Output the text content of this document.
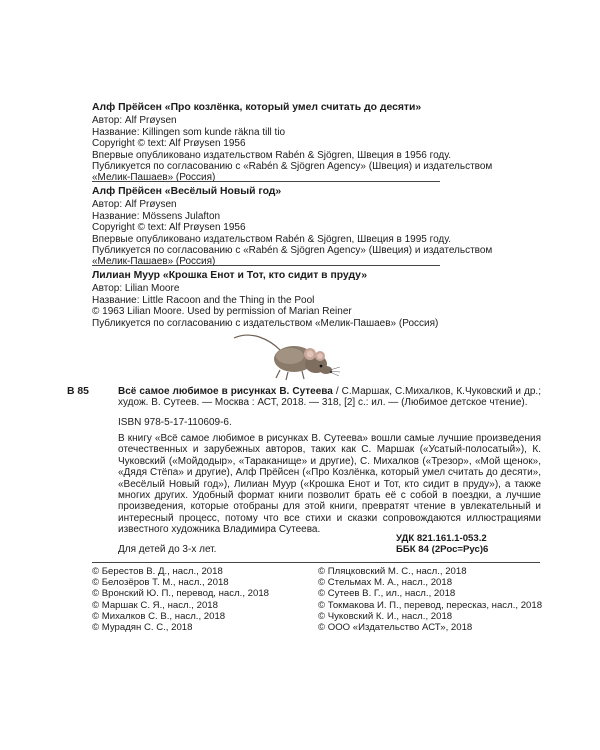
Алф Прёйсен «Про козлёнка, который умел считать до десяти»

Автор: Alf Prøysen

Название: Killingen som kunde räkna till tio

Copyright © text: Alf Prøysen 1956

Впервые опубликовано издательством Rabén & Sjögren, Швеция в 1956 году.

Публикуется по согласованию с «Rabén & Sjögren Agency» (Швеция) и издательством

«Мелик-Пашаев» (Россия)

Алф Прёйсен «Весёлый Новый год»

Автор: Alf Prøysen

Название: Mössens Julafton

Copyright © text: Alf Prøysen 1956

Впервые опубликовано издательством Rabén & Sjögren, Швеция в 1995 году.

Публикуется по согласованию с «Rabén & Sjögren Agency» (Швеция) и издательством

«Мелик-Пашаев» (Россия)

Лилиан Муур «Крошка Енот и Тот, кто сидит в пруду»

Автор: Lilian Moore

Название: Little Racoon and the Thing in the Pool

© 1963 Lilian Moore. Used by permission of Marian Reiner

Публикуется по согласованию с издательством «Мелик-Пашаев» (Россия)

В 85	Всё самое любимое в рисунках В. Сутеева / С.Маршак, С.Михалков, К.Чуковский и др.; худож. В. Сутеев. — Москва : АСТ, 2018. — 318, [2] с.: ил. — (Любимое детское чтение).

ISBN 978-5-17-110609-6.

В книгу «Всё самое любимое в рисунках В. Сутеева» вошли самые лучшие произведения отечественных и зарубежных авторов, таких как С. Маршак («Усатый-полосатый»), К. Чуковский («Мойдодыр», «Тараканище» и другие), С. Михалков («Трезор», «Мой щенок», «Дядя Стёпа» и другие), Алф Прёйсен («Про Козлёнка, который умел считать до десяти», «Весёлый Новый год»), Лилиан Муур («Крошка Енот и Тот, кто сидит в пруду»), а также многих других. Удобный формат книги позволит брать её с собой в поездки, а лучшие произведения, которые отобраны для этой книги, превратят чтение в увлекательный и интересный процесс, потому что все стихи и сказки сопровождаются иллюстрациями известного художника Владимира Сутеева.

УДК 821.161.1-053.2

ББК 84 (2Рос=Рус)6

Для детей до 3-х лет.

© Берестов В. Д., насл., 2018

© Белозёров Т. М., насл., 2018

© Вронский Ю. П., перевод, насл., 2018

© Маршак С. Я., насл., 2018

© Михалков С. В., насл., 2018

© Мурадян С. С., 2018

© Пляцковский М. С., насл., 2018

© Стельмах М. А., насл., 2018

© Сутеев В. Г., ил., насл., 2018

© Токмакова И. П., перевод, пересказ, насл., 2018

© Чуковский К. И., насл., 2018

© ООО «Издательство АСТ», 2018
